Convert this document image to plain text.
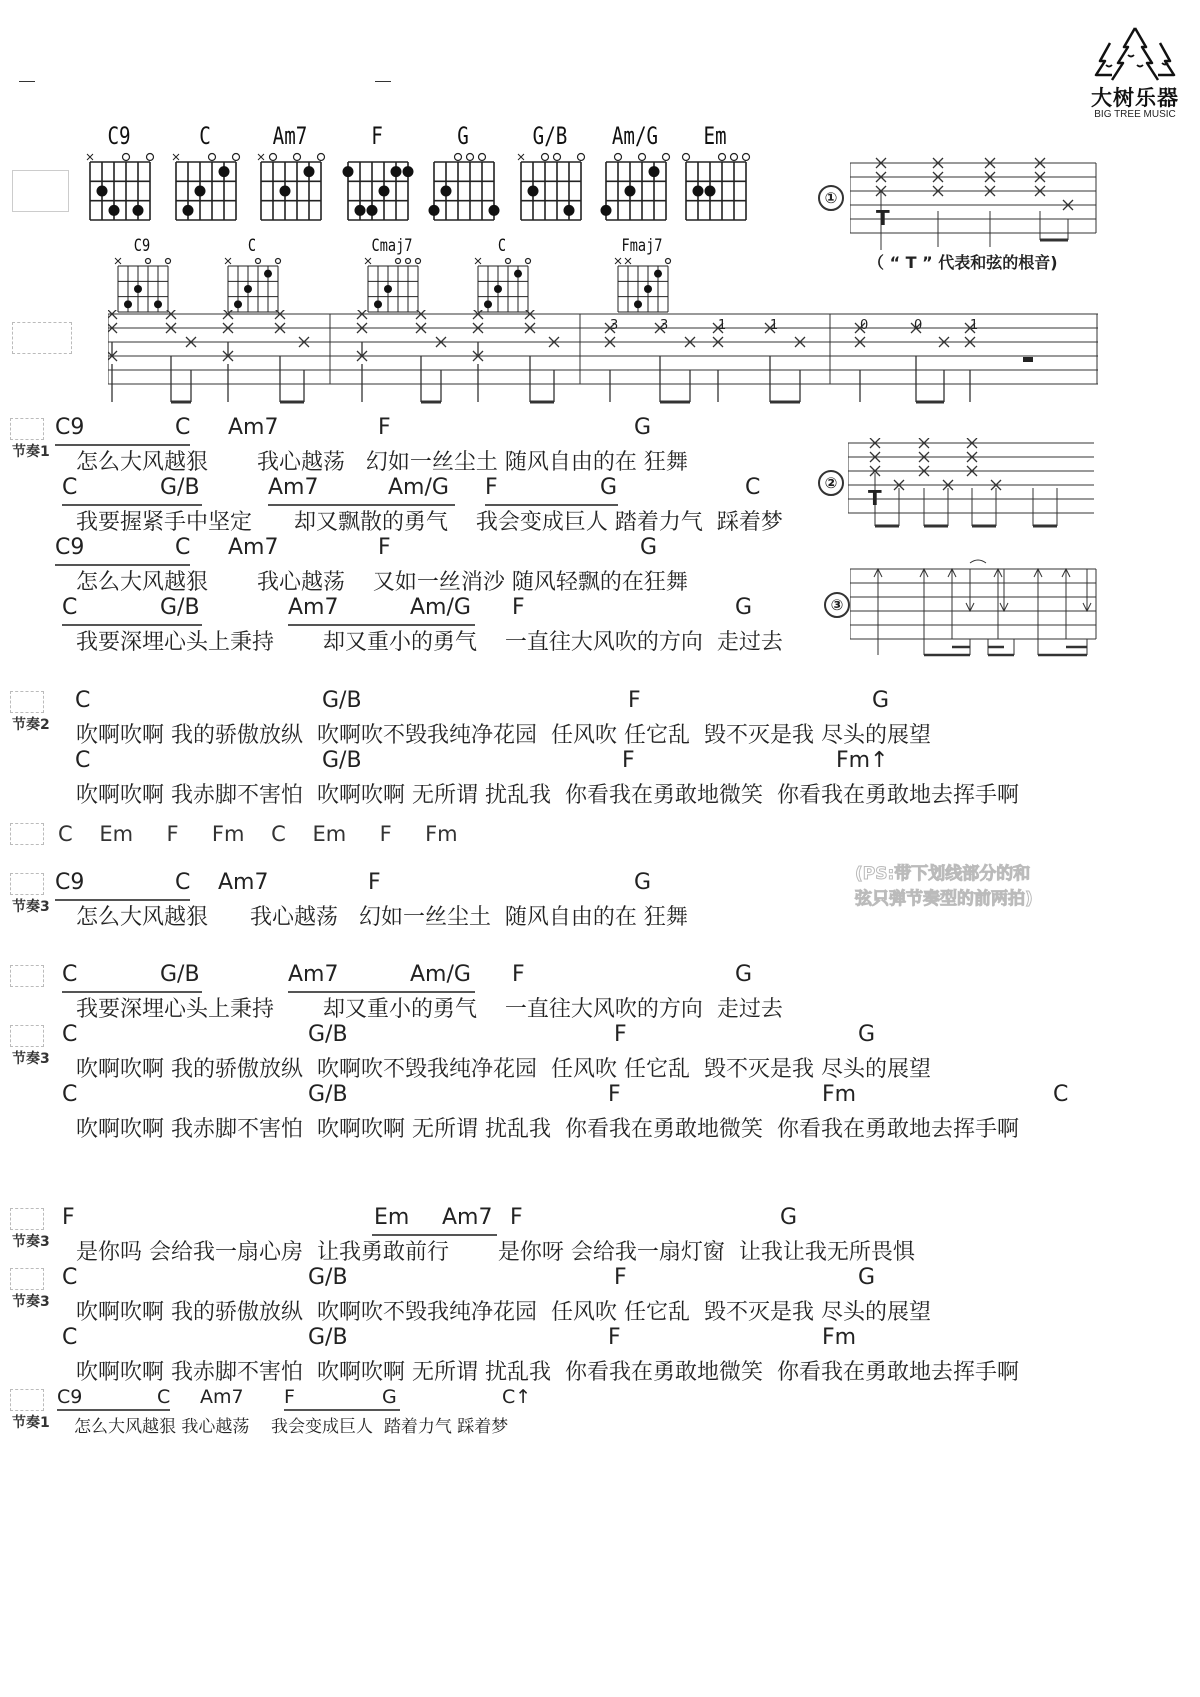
大树乐器
BIG TREE MUSIC
C9	C	Am7	F	G	G/B	Am/G	Em
C9	C	Cmaj7	C	Fmaj7
①
T
（ “ T ” 代表和弦的根音)
②
T
③
3	3	1	1	0	0	1
节奏1
C9	C Am7	F	G
怎么大风越狠       我心越荡   幻如一丝尘土 随风自由的在 狂舞
C	G/B	Am7	Am/G F	G	C
我要握紧手中坚定      却又飘散的勇气    我会变成巨人 踏着力气  踩着梦
C9	C Am7	F	G
怎么大风越狠       我心越荡    又如一丝消沙 随风轻飘的在狂舞
C	G/B	Am7	Am/G F	G
我要深埋心头上秉持       却又重小的勇气    一直往大风吹的方向  走过去
节奏2
C	G/B	F	G
吹啊吹啊 我的骄傲放纵  吹啊吹不毁我纯净花园  任风吹 任它乱  毁不灭是我 尽头的展望
C	G/B	F	Fm↑
吹啊吹啊 我赤脚不害怕  吹啊吹啊 无所谓 扰乱我  你看我在勇敢地微笑  你看我在勇敢地去挥手啊
C    Em     F     Fm    C    Em     F     Fm
节奏3
C9	C Am7	F	G
怎么大风越狠      我心越荡   幻如一丝尘土  随风自由的在 狂舞
C	G/B	Am7	Am/G F	G
我要深埋心头上秉持       却又重小的勇气    一直往大风吹的方向  走过去
节奏3
C	G/B	F	G
吹啊吹啊 我的骄傲放纵  吹啊吹不毁我纯净花园  任风吹 任它乱  毁不灭是我 尽头的展望
C	G/B	F	Fm	C
吹啊吹啊 我赤脚不害怕  吹啊吹啊 无所谓 扰乱我  你看我在勇敢地微笑  你看我在勇敢地去挥手啊
节奏3
F	Em Am7 F	G
是你吗 会给我一扇心房  让我勇敢前行       是你呀 会给我一扇灯窗  让我让我无所畏惧
节奏3
C	G/B	F	G
吹啊吹啊 我的骄傲放纵  吹啊吹不毁我纯净花园  任风吹 任它乱  毁不灭是我 尽头的展望
C	G/B	F	Fm
吹啊吹啊 我赤脚不害怕  吹啊吹啊 无所谓 扰乱我  你看我在勇敢地微笑  你看我在勇敢地去挥手啊
节奏1
C9	C Am7 F	G	C↑
怎么大风越狠 我心越荡    我会变成巨人  踏着力气 踩着梦
(PS:带下划线部分的和
弦只弹节奏型的前两拍)
